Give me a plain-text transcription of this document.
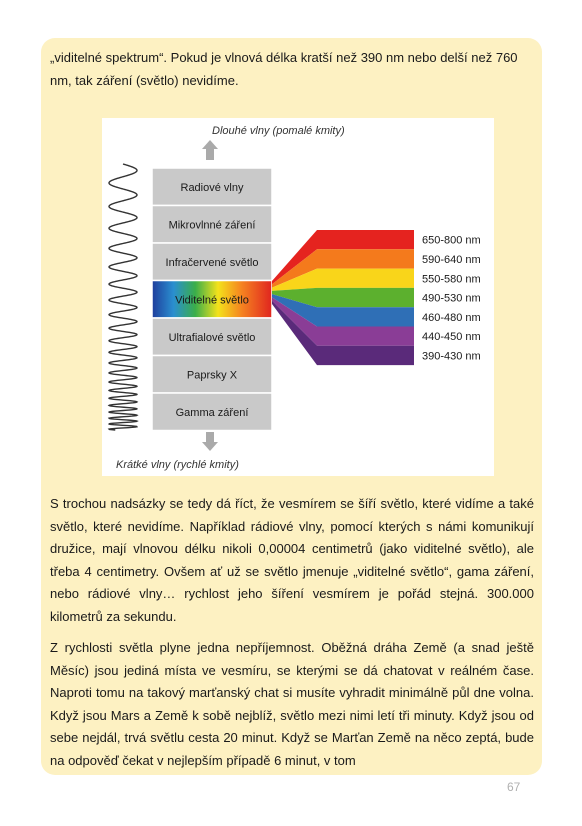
„viditelné spektrum“. Pokud je vlnová délka kratší než 390 nm nebo delší než 760 nm, tak záření (světlo) nevidíme.

Dlouhé vlny (pomalé kmity)
Radiové vlny
Mikrovlnné záření
Infračervené světlo
Viditelné světlo
Ultrafialové světlo
Paprsky X
Gamma záření
650-800 nm
590-640 nm
550-580 nm
490-530 nm
460-480 nm
440-450 nm
390-430 nm
Krátké vlny (rychlé kmity)

S trochou nadsázky se tedy dá říct, že vesmírem se šíří světlo, které vidíme a také světlo, které nevidíme. Například rádiové vlny, pomocí kterých s námi komunikují družice, mají vlnovou délku nikoli 0,00004 centimetrů (jako viditelné světlo), ale třeba 4 centimetry. Ovšem ať už se světlo jmenuje „viditelné světlo“, gama záření, nebo rádiové vlny… rychlost jeho šíření vesmírem je pořád stejná. 300.000 kilometrů za sekundu.

Z rychlosti světla plyne jedna nepříjemnost. Oběžná dráha Země (a snad ještě Měsíc) jsou jediná místa ve vesmíru, se kterými se dá chatovat v reálném čase. Naproti tomu na takový marťanský chat si musíte vyhradit minimálně půl dne volna. Když jsou Mars a Země k sobě nejblíž, světlo mezi nimi letí tři minuty. Když jsou od sebe nejdál, trvá světlu cesta 20 minut. Když se Marťan Země na něco zeptá, bude na odpověď čekat v nejlepším případě 6 minut, v tom

67
